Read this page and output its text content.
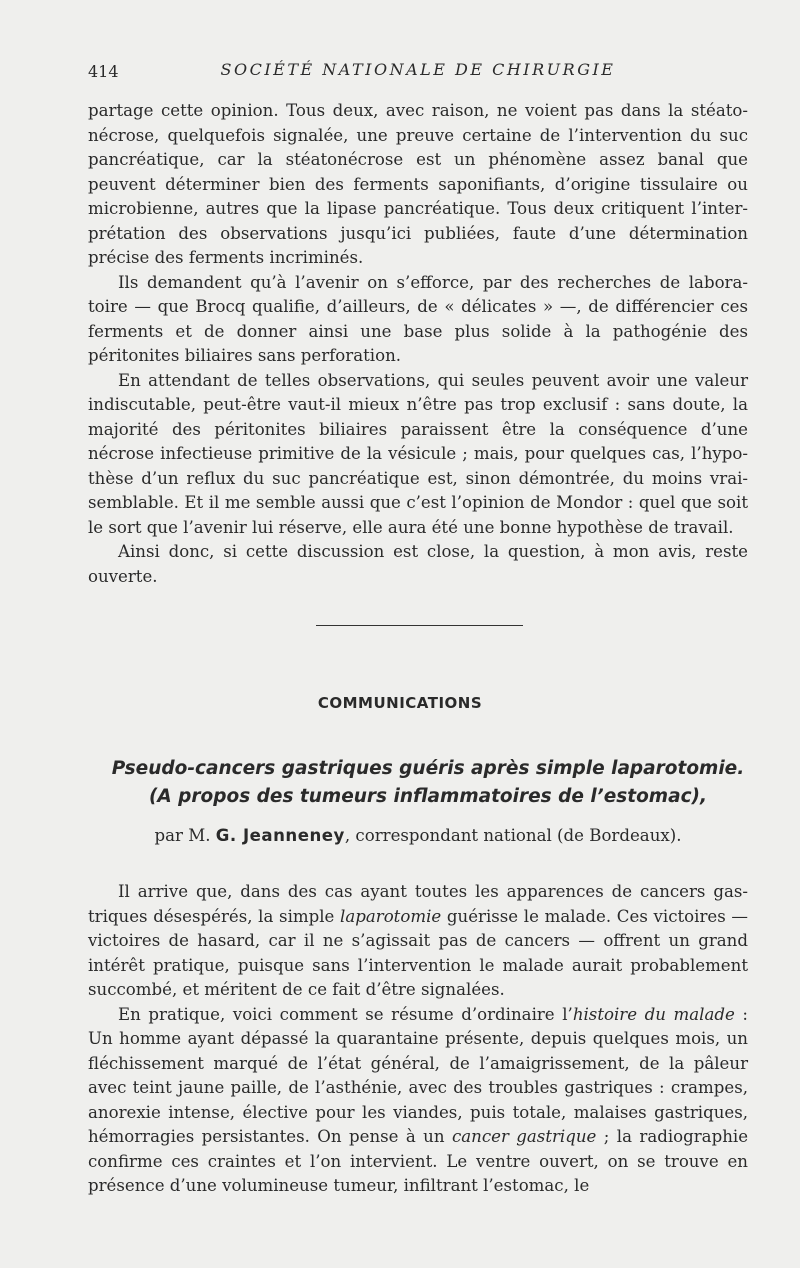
414	SOCIÉTÉ NATIONALE DE CHIRURGIE

partage cette opinion. Tous deux, avec raison, ne voient pas dans la stéato-nécrose, quelquefois signalée, une preuve certaine de l’intervention du suc pancréatique, car la stéatonécrose est un phénomène assez banal que peuvent déterminer bien des ferments saponifiants, d’origine tissulaire ou microbienne, autres que la lipase pancréatique. Tous deux critiquent l’inter-prétation des observations jusqu’ici publiées, faute d’une détermination précise des ferments incriminés.

Ils demandent qu’à l’avenir on s’efforce, par des recherches de labora-toire — que Brocq qualifie, d’ailleurs, de « délicates » —, de différencier ces ferments et de donner ainsi une base plus solide à la pathogénie des péritonites biliaires sans perforation.

En attendant de telles observations, qui seules peuvent avoir une valeur indiscutable, peut-être vaut-il mieux n’être pas trop exclusif : sans doute, la majorité des péritonites biliaires paraissent être la conséquence d’une nécrose infectieuse primitive de la vésicule ; mais, pour quelques cas, l’hypo-thèse d’un reflux du suc pancréatique est, sinon démontrée, du moins vrai-semblable. Et il me semble aussi que c’est l’opinion de Mondor : quel que soit le sort que l’avenir lui réserve, elle aura été une bonne hypothèse de travail.

Ainsi donc, si cette discussion est close, la question, à mon avis, reste ouverte.

COMMUNICATIONS
Pseudo-cancers gastriques guéris après simple laparotomie.
(A propos des tumeurs inflammatoires de l’estomac),
par M. G. Jeanneney, correspondant national (de Bordeaux).

Il arrive que, dans des cas ayant toutes les apparences de cancers gas-triques désespérés, la simple laparotomie guérisse le malade. Ces victoires — victoires de hasard, car il ne s’agissait pas de cancers — offrent un grand intérêt pratique, puisque sans l’intervention le malade aurait probablement succombé, et méritent de ce fait d’être signalées.

En pratique, voici comment se résume d’ordinaire l’histoire du malade : Un homme ayant dépassé la quarantaine présente, depuis quelques mois, un fléchissement marqué de l’état général, de l’amaigrissement, de la pâleur avec teint jaune paille, de l’asthénie, avec des troubles gastriques : crampes, anorexie intense, élective pour les viandes, puis totale, malaises gastriques, hémorragies persistantes. On pense à un cancer gastrique ; la radiographie confirme ces craintes et l’on intervient. Le ventre ouvert, on se trouve en présence d’une volumineuse tumeur, infiltrant l’estomac, le
